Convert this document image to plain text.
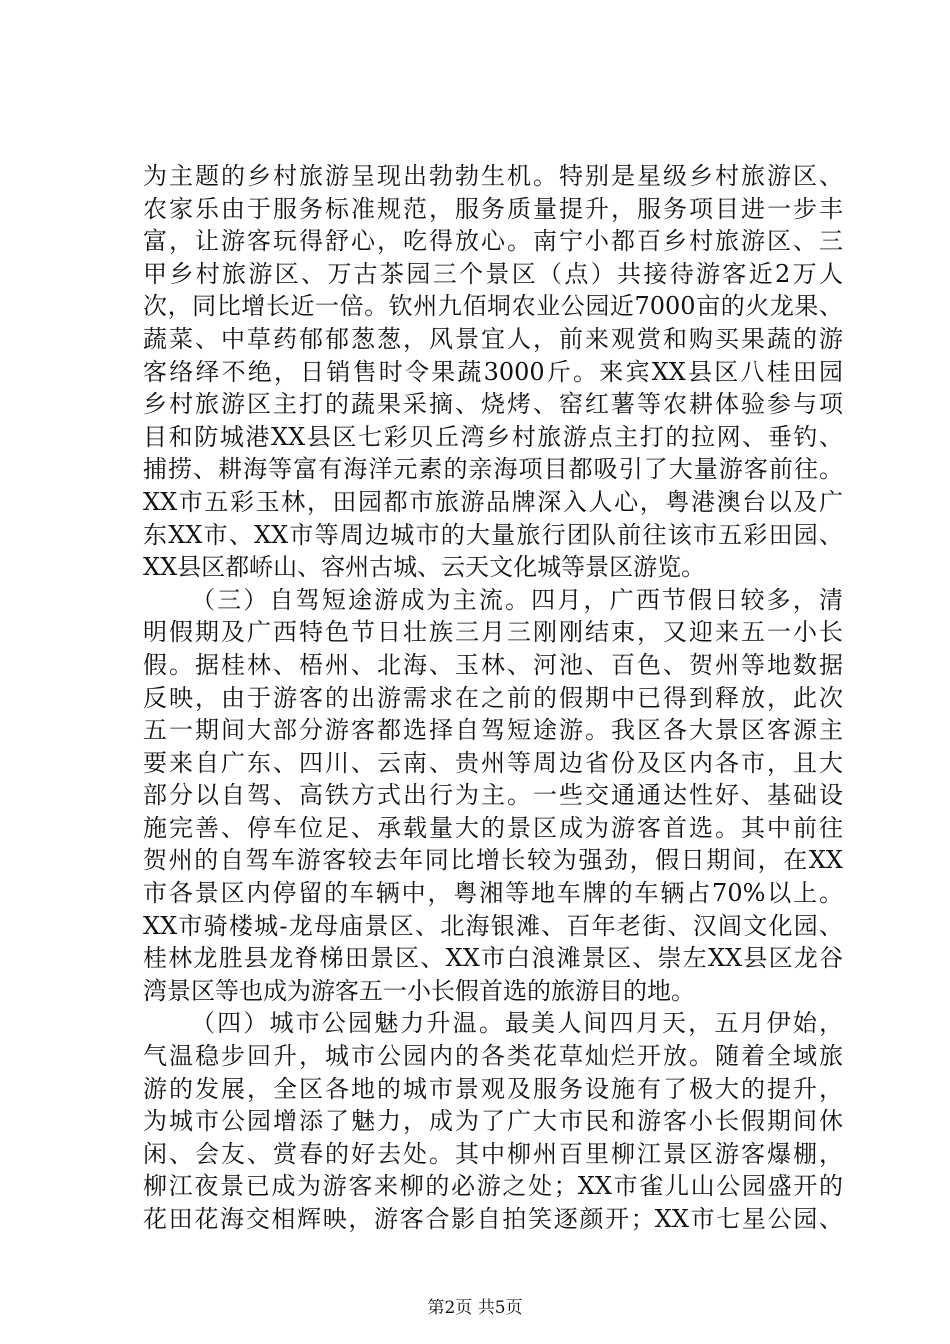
为主题的乡村旅游呈现出勃勃生机。特别是星级乡村旅游区、
农家乐由于服务标准规范，服务质量提升，服务项目进一步丰
富，让游客玩得舒心，吃得放心。南宁小都百乡村旅游区、三
甲乡村旅游区、万古茶园三个景区（点）共接待游客近2万人
次，同比增长近一倍。钦州九佰垌农业公园近7000亩的火龙果、
蔬菜、中草药郁郁葱葱，风景宜人，前来观赏和购买果蔬的游
客络绎不绝，日销售时令果蔬3000斤。来宾XX县区八桂田园
乡村旅游区主打的蔬果采摘、烧烤、窑红薯等农耕体验参与项
目和防城港XX县区七彩贝丘湾乡村旅游点主打的拉网、垂钓、
捕捞、耕海等富有海洋元素的亲海项目都吸引了大量游客前往。
XX市五彩玉林，田园都市旅游品牌深入人心，粤港澳台以及广
东XX市、XX市等周边城市的大量旅行团队前往该市五彩田园、
XX县区都峤山、容州古城、云天文化城等景区游览。
（三）自驾短途游成为主流。四月，广西节假日较多，清
明假期及广西特色节日壮族三月三刚刚结束，又迎来五一小长
假。据桂林、梧州、北海、玉林、河池、百色、贺州等地数据
反映，由于游客的出游需求在之前的假期中已得到释放，此次
五一期间大部分游客都选择自驾短途游。我区各大景区客源主
要来自广东、四川、云南、贵州等周边省份及区内各市，且大
部分以自驾、高铁方式出行为主。一些交通通达性好、基础设
施完善、停车位足、承载量大的景区成为游客首选。其中前往
贺州的自驾车游客较去年同比增长较为强劲，假日期间，在XX
市各景区内停留的车辆中，粤湘等地车牌的车辆占70%以上。
XX市骑楼城-龙母庙景区、北海银滩、百年老街、汉闾文化园、
桂林龙胜县龙脊梯田景区、XX市白浪滩景区、崇左XX县区龙谷
湾景区等也成为游客五一小长假首选的旅游目的地。
（四）城市公园魅力升温。最美人间四月天，五月伊始，
气温稳步回升，城市公园内的各类花草灿烂开放。随着全域旅
游的发展，全区各地的城市景观及服务设施有了极大的提升，
为城市公园增添了魅力，成为了广大市民和游客小长假期间休
闲、会友、赏春的好去处。其中柳州百里柳江景区游客爆棚，
柳江夜景已成为游客来柳的必游之处；XX市雀儿山公园盛开的
花田花海交相辉映，游客合影自拍笑逐颜开；XX市七星公园、
第2页 共5页
